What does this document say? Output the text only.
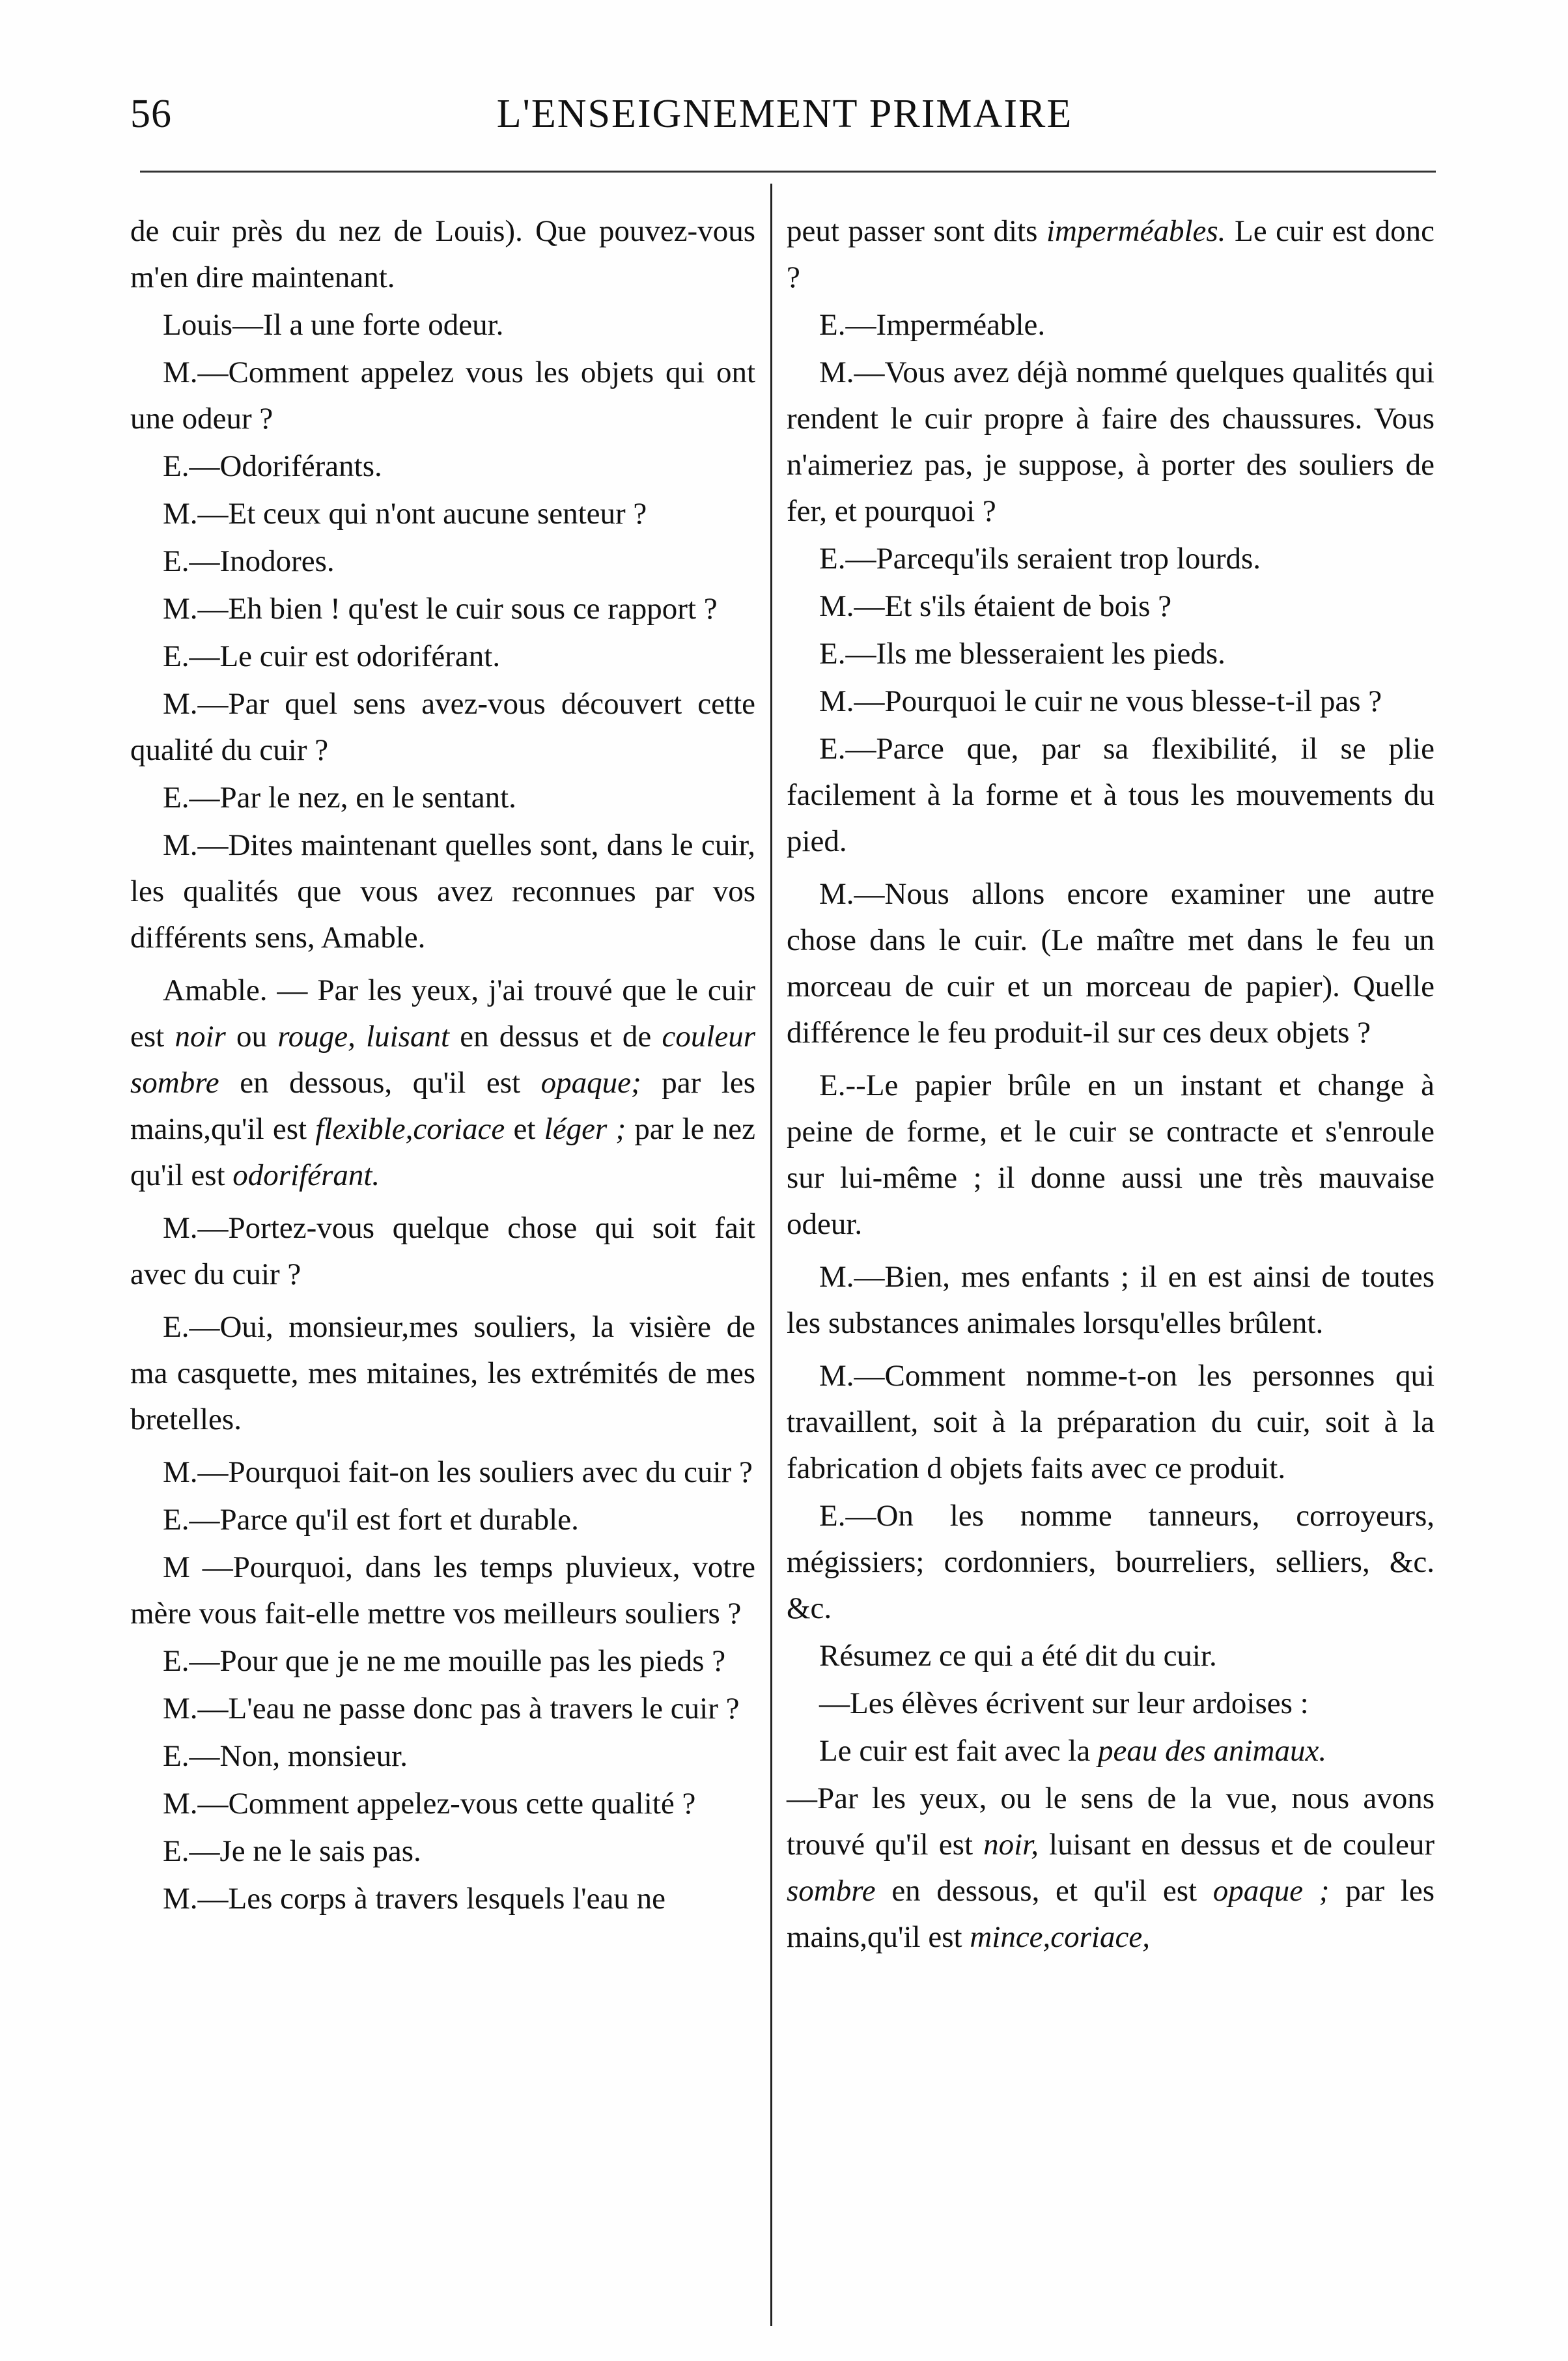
56	L'ENSEIGNEMENT PRIMAIRE

de cuir près du nez de Louis). Que pouvez-vous m'en dire maintenant.

Louis—Il a une forte odeur.

M.—Comment appelez vous les objets qui ont une odeur ?

E.—Odoriférants.

M.—Et ceux qui n'ont aucune senteur ?

E.—Inodores.

M.—Eh bien ! qu'est le cuir sous ce rapport ?

E.—Le cuir est odoriférant.

M.—Par quel sens avez-vous découvert cette qualité du cuir ?

E.—Par le nez, en le sentant.

M.—Dites maintenant quelles sont, dans le cuir, les qualités que vous avez reconnues par vos différents sens, Amable.

Amable. — Par les yeux, j'ai trouvé que le cuir est noir ou rouge, luisant en dessus et de couleur sombre en dessous, qu'il est opaque; par les mains,qu'il est flexible,coriace et léger ; par le nez qu'il est odoriférant.

M.—Portez-vous quelque chose qui soit fait avec du cuir ?

E.—Oui, monsieur,mes souliers, la visière de ma casquette, mes mitaines, les extrémités de mes bretelles.

M.—Pourquoi fait-on les souliers avec du cuir ?

E.—Parce qu'il est fort et durable.

M —Pourquoi, dans les temps pluvieux, votre mère vous fait-elle mettre vos meilleurs souliers ?

E.—Pour que je ne me mouille pas les pieds ?

M.—L'eau ne passe donc pas à travers le cuir ?

E.—Non, monsieur.

M.—Comment appelez-vous cette qualité ?

E.—Je ne le sais pas.

M.—Les corps à travers lesquels l'eau ne

peut passer sont dits imperméables. Le cuir est donc ?

E.—Imperméable.

M.—Vous avez déjà nommé quelques qualités qui rendent le cuir propre à faire des chaussures. Vous n'aimeriez pas, je suppose, à porter des souliers de fer, et pourquoi ?

E.—Parcequ'ils seraient trop lourds.

M.—Et s'ils étaient de bois ?

E.—Ils me blesseraient les pieds.

M.—Pourquoi le cuir ne vous blesse-t-il pas ?

E.—Parce que, par sa flexibilité, il se plie facilement à la forme et à tous les mouvements du pied.

M.—Nous allons encore examiner une autre chose dans le cuir. (Le maître met dans le feu un morceau de cuir et un morceau de papier). Quelle différence le feu produit-il sur ces deux objets ?

E.--Le papier brûle en un instant et change à peine de forme, et le cuir se contracte et s'enroule sur lui-même ; il donne aussi une très mauvaise odeur.

M.—Bien, mes enfants ; il en est ainsi de toutes les substances animales lorsqu'elles brûlent.

M.—Comment nomme-t-on les personnes qui travaillent, soit à la préparation du cuir, soit à la fabrication d objets faits avec ce produit.

E.—On les nomme tanneurs, corroyeurs, mégissiers; cordonniers, bourreliers, selliers, &c. &c.

Résumez ce qui a été dit du cuir.

—Les élèves écrivent sur leur ardoises :

Le cuir est fait avec la peau des animaux.

—Par les yeux, ou le sens de la vue, nous avons trouvé qu'il est noir, luisant en dessus et de couleur sombre en dessous, et qu'il est opaque ; par les mains,qu'il est mince,coriace,
